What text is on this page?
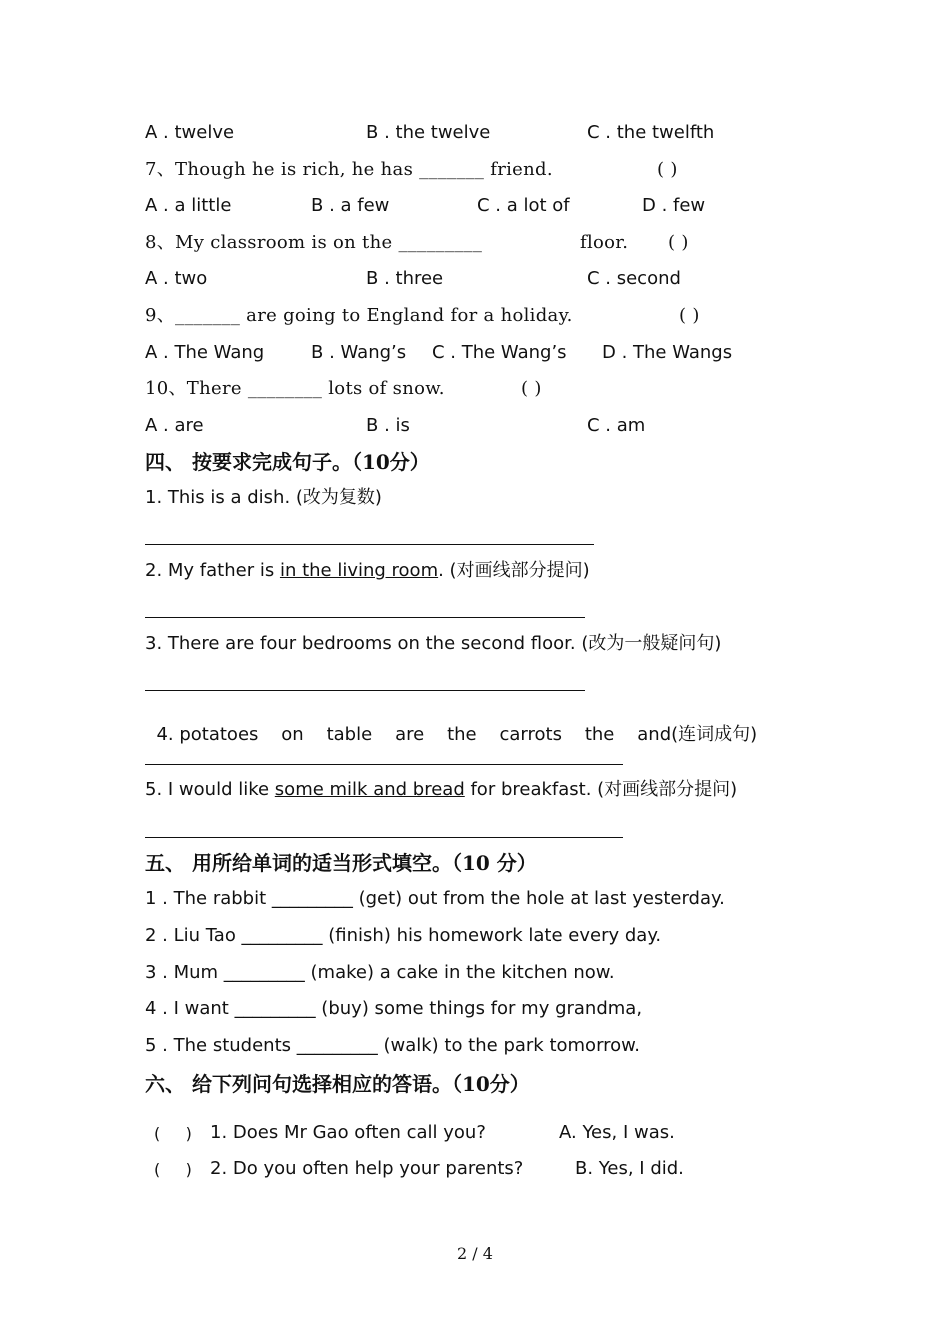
A . twelve	B . the twelve	C . the twelfth
7、Though he is rich, he has _______ friend.	( )
A . a little	B . a few	C . a lot of	D . few
8、My classroom is on the _________	floor. ( )
A . two	B . three	C . second
9、_______ are going to England for a holiday.	( )
A . The Wang	B . Wang’s C . The Wang’s D . The Wangs
10、There ________ lots of snow.	( )
A . are	B . is	C . am
四、 按要求完成句子。（10分）
1. This is a dish. (改为复数)
2. My father is in the living room. (对画线部分提问)
3. There are four bedrooms on the second floor. (改为一般疑问句)

4. potatoes    on    table    are    the    carrots    the    and(连词成句)

5. I would like some milk and bread for breakfast. (对画线部分提问)
五、 用所给单词的适当形式填空。（10 分）
1 . The rabbit _________ (get) out from the hole at last yesterday.
2 . Liu Tao _________ (finish) his homework late every day.
3 . Mum _________ (make) a cake in the kitchen now.
4 . I want _________ (buy) some things for my grandma,
5 . The students _________ (walk) to the park tomorrow.
六、 给下列问句选择相应的答语。（10分）
(     ) 1. Does Mr Gao often call you?	A. Yes, I was.
(     ) 2. Do you often help your parents?	B. Yes, I did.
2 / 4
